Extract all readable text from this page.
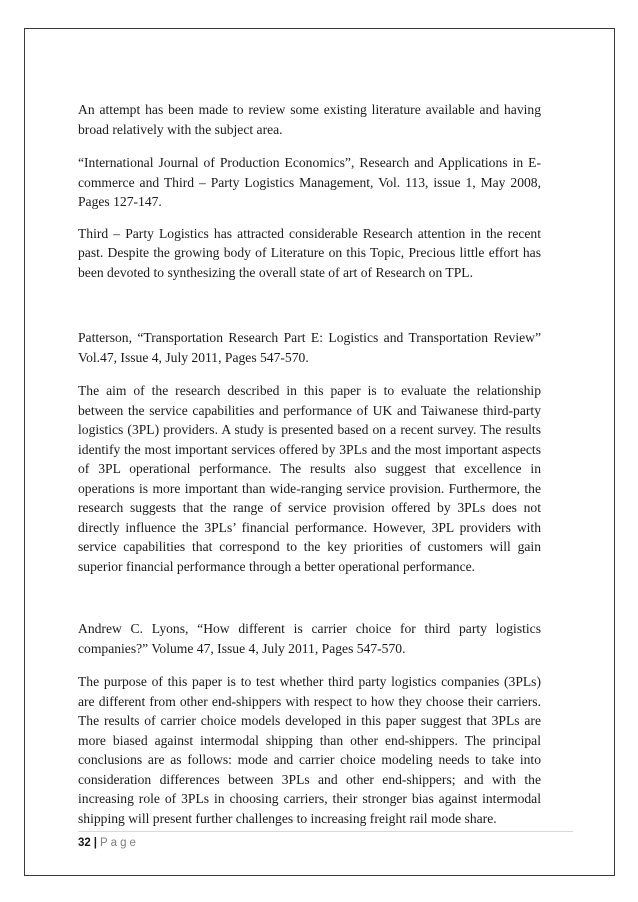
An attempt has been made to review some existing literature available and having broad relatively with the subject area.

“International Journal of Production Economics”, Research and Applications in E-commerce and Third – Party Logistics Management, Vol. 113, issue 1, May 2008, Pages 127-147.

Third – Party Logistics has attracted considerable Research attention in the recent past. Despite the growing body of Literature on this Topic, Precious little effort has been devoted to synthesizing the overall state of art of Research on TPL.

Patterson, “Transportation Research Part E: Logistics and Transportation Review” Vol.47, Issue 4, July 2011, Pages 547-570.

The aim of the research described in this paper is to evaluate the relationship between the service capabilities and performance of UK and Taiwanese third-party logistics (3PL) providers. A study is presented based on a recent survey. The results identify the most important services offered by 3PLs and the most important aspects of 3PL operational performance. The results also suggest that excellence in operations is more important than wide-ranging service provision. Furthermore, the research suggests that the range of service provision offered by 3PLs does not directly influence the 3PLs’ financial performance. However, 3PL providers with service capabilities that correspond to the key priorities of customers will gain superior financial performance through a better operational performance.

Andrew C. Lyons, “How different is carrier choice for third party logistics companies?” Volume 47, Issue 4, July 2011, Pages 547-570.

The purpose of this paper is to test whether third party logistics companies (3PLs) are different from other end-shippers with respect to how they choose their carriers. The results of carrier choice models developed in this paper suggest that 3PLs are more biased against intermodal shipping than other end-shippers. The principal conclusions are as follows: mode and carrier choice modeling needs to take into consideration differences between 3PLs and other end-shippers; and with the increasing role of 3PLs in choosing carriers, their stronger bias against intermodal shipping will present further challenges to increasing freight rail mode share.

32 | Page
